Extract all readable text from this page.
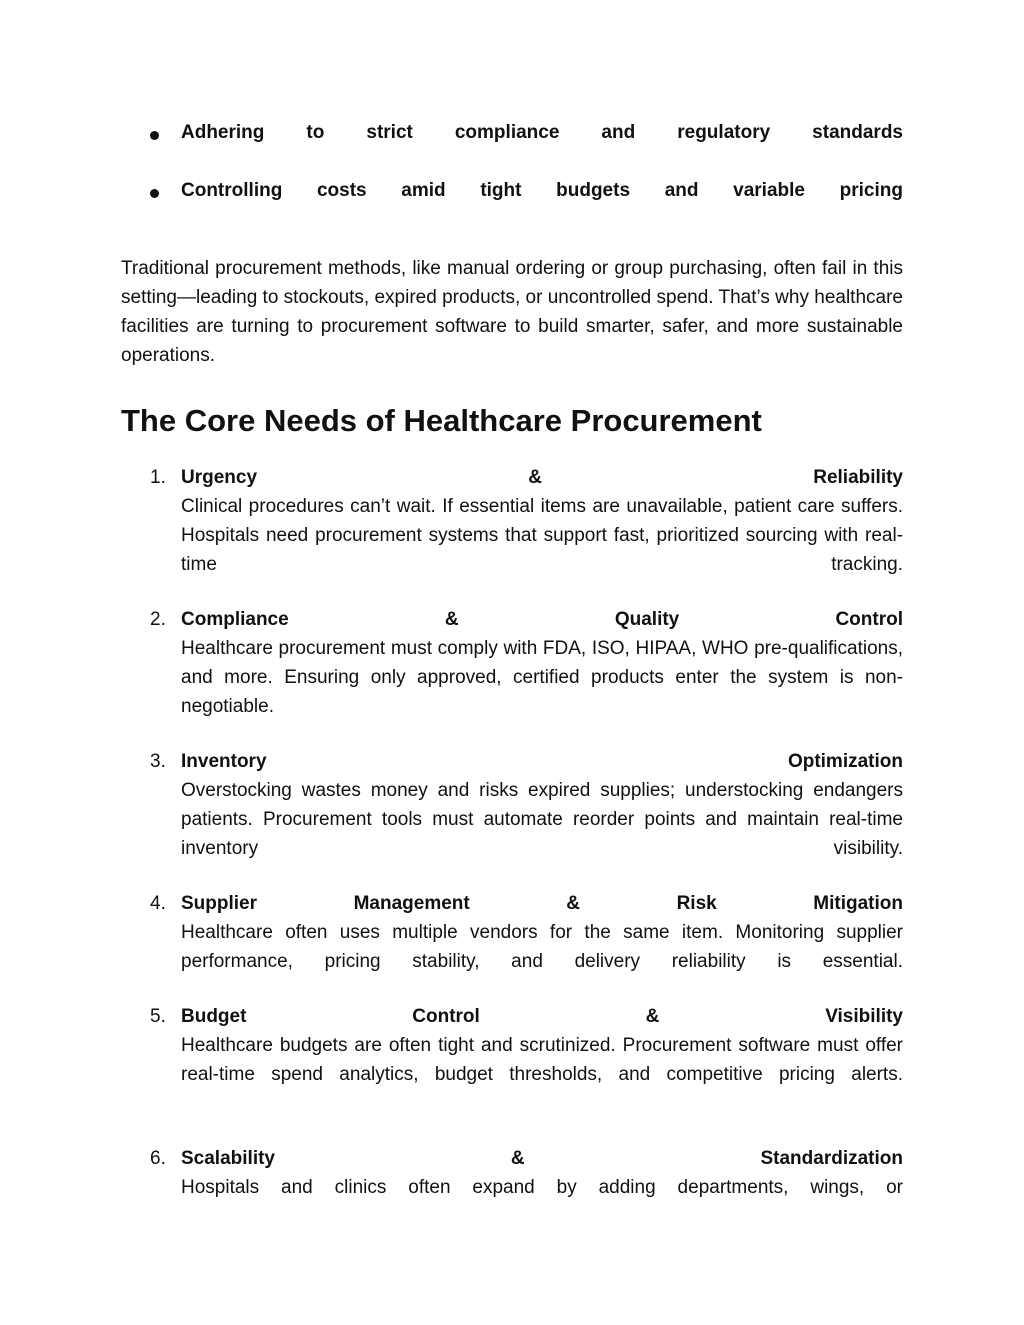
Adhering to strict compliance and regulatory standards
Controlling costs amid tight budgets and variable pricing

Traditional procurement methods, like manual ordering or group purchasing, often fail in this setting—leading to stockouts, expired products, or uncontrolled spend. That’s why healthcare facilities are turning to procurement software to build smarter, safer, and more sustainable operations.

The Core Needs of Healthcare Procurement
1. Urgency & Reliability

Clinical procedures can’t wait. If essential items are unavailable, patient care suffers. Hospitals need procurement systems that support fast, prioritized sourcing with real-time tracking.

2. Compliance & Quality Control

Healthcare procurement must comply with FDA, ISO, HIPAA, WHO pre-qualifications, and more. Ensuring only approved, certified products enter the system is non-negotiable.

3. Inventory Optimization

Overstocking wastes money and risks expired supplies; understocking endangers patients. Procurement tools must automate reorder points and maintain real-time inventory visibility.

4. Supplier Management & Risk Mitigation

Healthcare often uses multiple vendors for the same item. Monitoring supplier performance, pricing stability, and delivery reliability is essential.

5. Budget Control & Visibility

Healthcare budgets are often tight and scrutinized. Procurement software must offer real-time spend analytics, budget thresholds, and competitive pricing alerts.

6. Scalability & Standardization

Hospitals and clinics often expand by adding departments, wings, or
